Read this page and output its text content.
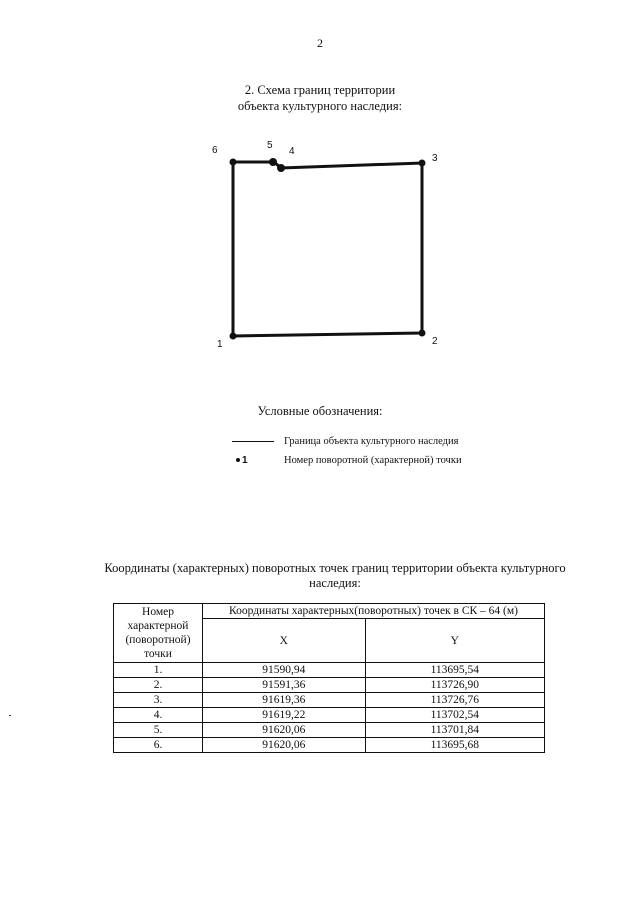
2
2. Схема границ территории
объекта культурного наследия:
1	2
3
4
5
6
Условные обозначения:
Граница объекта культурного наследия
1	Номер поворотной (характерной) точки
Координаты (характерных) поворотных точек границ территории объекта культурного
наследия:
Номер характерной (поворотной) точки	Координаты характерных(поворотных) точек в СК – 64 (м)	
	X	Y
1.	91590,94	113695,54
2.	91591,36	113726,90
3.	91619,36	113726,76
4.	91619,22	113702,54
5.	91620,06	113701,84
6.	91620,06	113695,68
